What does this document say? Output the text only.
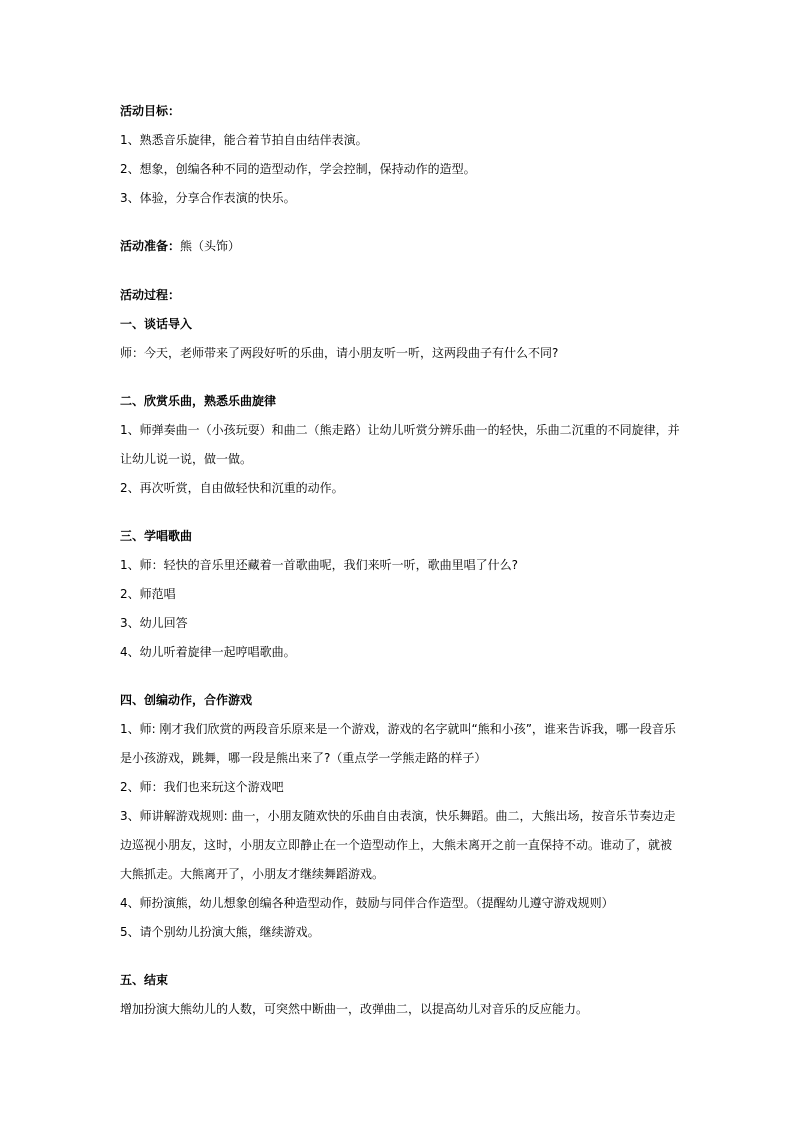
活动目标：
1、熟悉音乐旋律，能合着节拍自由结伴表演。
2、想象，创编各种不同的造型动作，学会控制，保持动作的造型。
3、体验，分享合作表演的快乐。
活动准备：熊（头饰）
活动过程：
一、谈话导入
师：今天，老师带来了两段好听的乐曲，请小朋友听一听，这两段曲子有什么不同?
二、欣赏乐曲，熟悉乐曲旋律
1、师弹奏曲一（小孩玩耍）和曲二（熊走路）让幼儿听赏分辨乐曲一的轻快，乐曲二沉重的不同旋律，并
让幼儿说一说，做一做。
2、再次听赏，自由做轻快和沉重的动作。
三、学唱歌曲
1、师：轻快的音乐里还藏着一首歌曲呢，我们来听一听，歌曲里唱了什么?
2、师范唱
3、幼儿回答
4、幼儿听着旋律一起哼唱歌曲。
四、创编动作，合作游戏
1、师: 刚才我们欣赏的两段音乐原来是一个游戏，游戏的名字就叫“熊和小孩”，谁来告诉我，哪一段音乐
是小孩游戏，跳舞，哪一段是熊出来了?（重点学一学熊走路的样子）
2、师：我们也来玩这个游戏吧
3、师讲解游戏规则: 曲一，小朋友随欢快的乐曲自由表演，快乐舞蹈。曲二，大熊出场，按音乐节奏边走
边巡视小朋友，这时，小朋友立即静止在一个造型动作上，大熊未离开之前一直保持不动。谁动了，就被
大熊抓走。大熊离开了，小朋友才继续舞蹈游戏。
4、师扮演熊，幼儿想象创编各种造型动作，鼓励与同伴合作造型。（提醒幼儿遵守游戏规则）
5、请个别幼儿扮演大熊，继续游戏。
五、结束
增加扮演大熊幼儿的人数，可突然中断曲一，改弹曲二，以提高幼儿对音乐的反应能力。
